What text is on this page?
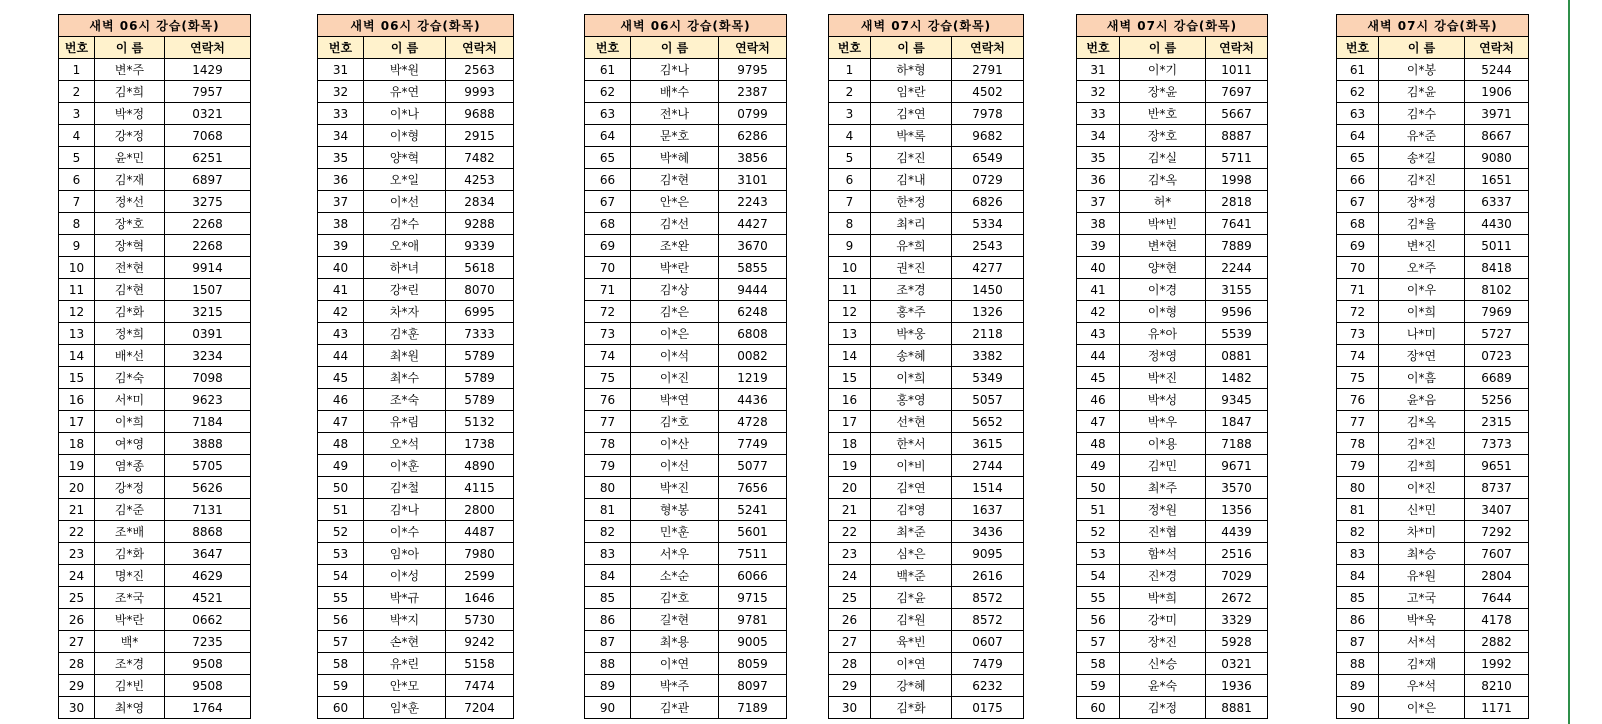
새벽 06시 강습(화목)		
번호	이 름	연락처
1	변*주	1429
2	김*희	7957
3	박*정	0321
4	강*정	7068
5	윤*민	6251
6	김*재	6897
7	정*선	3275
8	장*호	2268
9	장*혁	2268
10	전*현	9914
11	김*현	1507
12	김*화	3215
13	정*희	0391
14	배*선	3234
15	김*숙	7098
16	서*미	9623
17	이*희	7184
18	여*영	3888
19	염*종	5705
20	강*정	5626
21	김*준	7131
22	조*배	8868
23	김*화	3647
24	명*진	4629
25	조*국	4521
26	박*란	0662
27	백*	7235
28	조*경	9508
29	김*빈	9508
30	최*영	1764
새벽 06시 강습(화목)		
번호	이 름	연락처
31	박*원	2563
32	유*연	9993
33	이*나	9688
34	이*형	2915
35	양*혁	7482
36	오*일	4253
37	이*선	2834
38	김*수	9288
39	오*애	9339
40	하*녀	5618
41	강*린	8070
42	차*자	6995
43	김*훈	7333
44	최*원	5789
45	최*수	5789
46	조*숙	5789
47	유*림	5132
48	오*석	1738
49	이*훈	4890
50	김*철	4115
51	김*나	2800
52	이*수	4487
53	임*아	7980
54	이*성	2599
55	박*규	1646
56	박*지	5730
57	손*현	9242
58	유*린	5158
59	안*모	7474
60	임*훈	7204
새벽 06시 강습(화목)		
번호	이 름	연락처
61	김*나	9795
62	배*수	2387
63	전*나	0799
64	문*호	6286
65	박*혜	3856
66	김*현	3101
67	안*은	2243
68	김*선	4427
69	조*완	3670
70	박*란	5855
71	김*상	9444
72	김*은	6248
73	이*은	6808
74	이*석	0082
75	이*진	1219
76	박*연	4436
77	김*호	4728
78	이*산	7749
79	이*선	5077
80	박*진	7656
81	형*봉	5241
82	민*훈	5601
83	서*우	7511
84	소*순	6066
85	김*호	9715
86	길*현	9781
87	최*용	9005
88	이*연	8059
89	박*주	8097
90	김*관	7189
새벽 07시 강습(화목)		
번호	이 름	연락처
1	하*형	2791
2	임*란	4502
3	김*연	7978
4	박*록	9682
5	김*진	6549
6	김*내	0729
7	한*정	6826
8	최*리	5334
9	유*희	2543
10	권*진	4277
11	조*경	1450
12	홍*주	1326
13	박*웅	2118
14	송*혜	3382
15	이*희	5349
16	홍*영	5057
17	선*현	5652
18	한*서	3615
19	이*비	2744
20	김*연	1514
21	김*영	1637
22	최*준	3436
23	심*은	9095
24	백*준	2616
25	김*윤	8572
26	김*원	8572
27	육*빈	0607
28	이*연	7479
29	강*혜	6232
30	김*화	0175
새벽 07시 강습(화목)		
번호	이 름	연락처
31	이*기	1011
32	장*윤	7697
33	반*호	5667
34	장*호	8887
35	김*실	5711
36	김*옥	1998
37	허*	2818
38	박*빈	7641
39	변*현	7889
40	양*현	2244
41	이*경	3155
42	이*형	9596
43	유*아	5539
44	정*영	0881
45	박*진	1482
46	박*성	9345
47	박*우	1847
48	이*용	7188
49	김*민	9671
50	최*주	3570
51	정*원	1356
52	진*협	4439
53	함*석	2516
54	진*경	7029
55	박*희	2672
56	강*미	3329
57	장*진	5928
58	신*승	0321
59	윤*숙	1936
60	김*정	8881
새벽 07시 강습(화목)		
번호	이 름	연락처
61	이*봉	5244
62	김*윤	1906
63	김*수	3971
64	유*준	8667
65	송*길	9080
66	김*진	1651
67	장*정	6337
68	김*율	4430
69	변*진	5011
70	오*주	8418
71	이*우	8102
72	이*희	7969
73	나*미	5727
74	장*연	0723
75	이*흠	6689
76	윤*음	5256
77	김*옥	2315
78	김*진	7373
79	김*희	9651
80	이*진	8737
81	신*민	3407
82	차*미	7292
83	최*승	7607
84	유*원	2804
85	고*국	7644
86	박*욱	4178
87	서*석	2882
88	김*재	1992
89	우*석	8210
90	이*은	1171
